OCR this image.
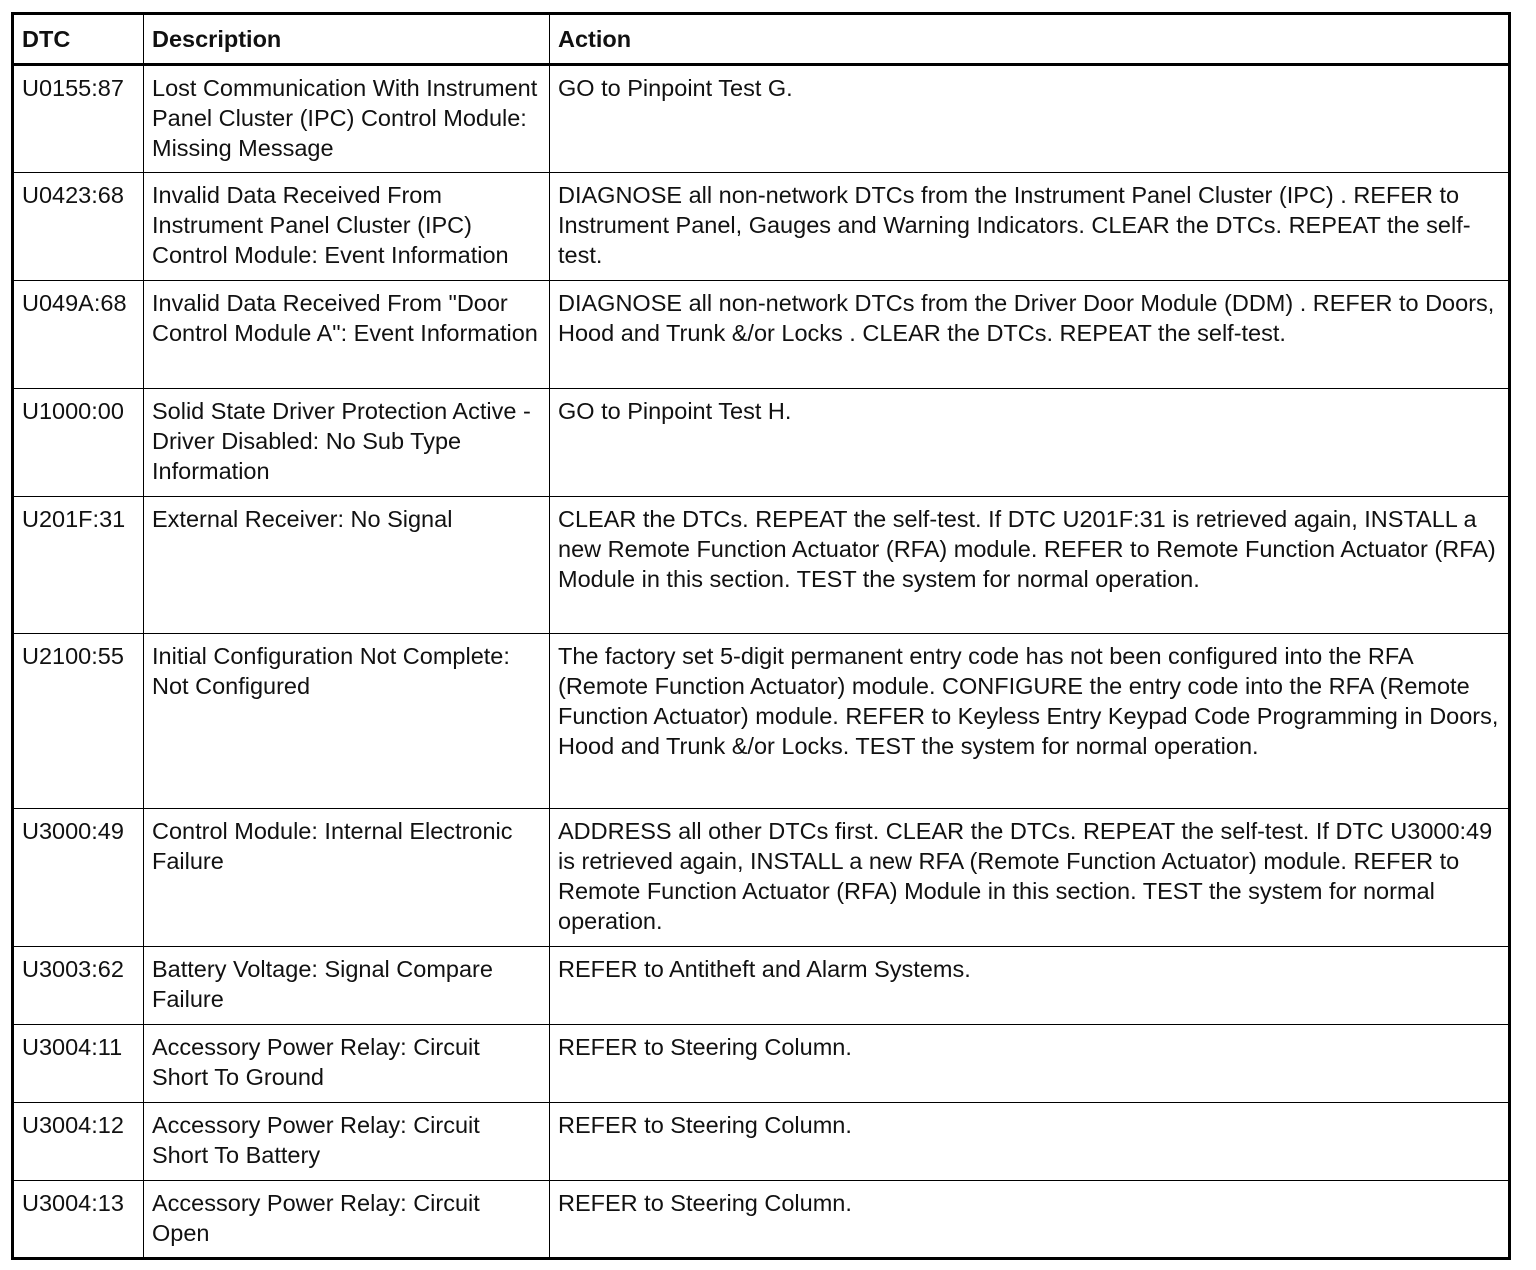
DTC	Description	Action
U0155:87	Lost Communication With Instrument Panel Cluster (IPC) Control Module: Missing Message	GO to Pinpoint Test G.
U0423:68	Invalid Data Received From Instrument Panel Cluster (IPC) Control Module: Event Information	DIAGNOSE all non-network DTCs from the Instrument Panel Cluster (IPC) . REFER to Instrument Panel, Gauges and Warning Indicators. CLEAR the DTCs. REPEAT the self-test.
U049A:68	Invalid Data Received From "Door Control Module A": Event Information	DIAGNOSE all non-network DTCs from the Driver Door Module (DDM) . REFER to Doors, Hood and Trunk &/or Locks . CLEAR the DTCs. REPEAT the self-test.
U1000:00	Solid State Driver Protection Active - Driver Disabled: No Sub Type Information	GO to Pinpoint Test H.
U201F:31	External Receiver: No Signal	CLEAR the DTCs. REPEAT the self-test. If DTC U201F:31 is retrieved again, INSTALL a new Remote Function Actuator (RFA) module. REFER to Remote Function Actuator (RFA) Module in this section. TEST the system for normal operation.
U2100:55	Initial Configuration Not Complete: Not Configured	The factory set 5-digit permanent entry code has not been configured into the RFA (Remote Function Actuator) module. CONFIGURE the entry code into the RFA (Remote Function Actuator) module. REFER to Keyless Entry Keypad Code Programming in Doors, Hood and Trunk &/or Locks. TEST the system for normal operation.
U3000:49	Control Module: Internal Electronic Failure	ADDRESS all other DTCs first. CLEAR the DTCs. REPEAT the self-test. If DTC U3000:49 is retrieved again, INSTALL a new RFA (Remote Function Actuator) module. REFER to Remote Function Actuator (RFA) Module in this section. TEST the system for normal operation.
U3003:62	Battery Voltage: Signal Compare Failure	REFER to Antitheft and Alarm Systems.
U3004:11	Accessory Power Relay: Circuit Short To Ground	REFER to Steering Column.
U3004:12	Accessory Power Relay: Circuit Short To Battery	REFER to Steering Column.
U3004:13	Accessory Power Relay: Circuit Open	REFER to Steering Column.
